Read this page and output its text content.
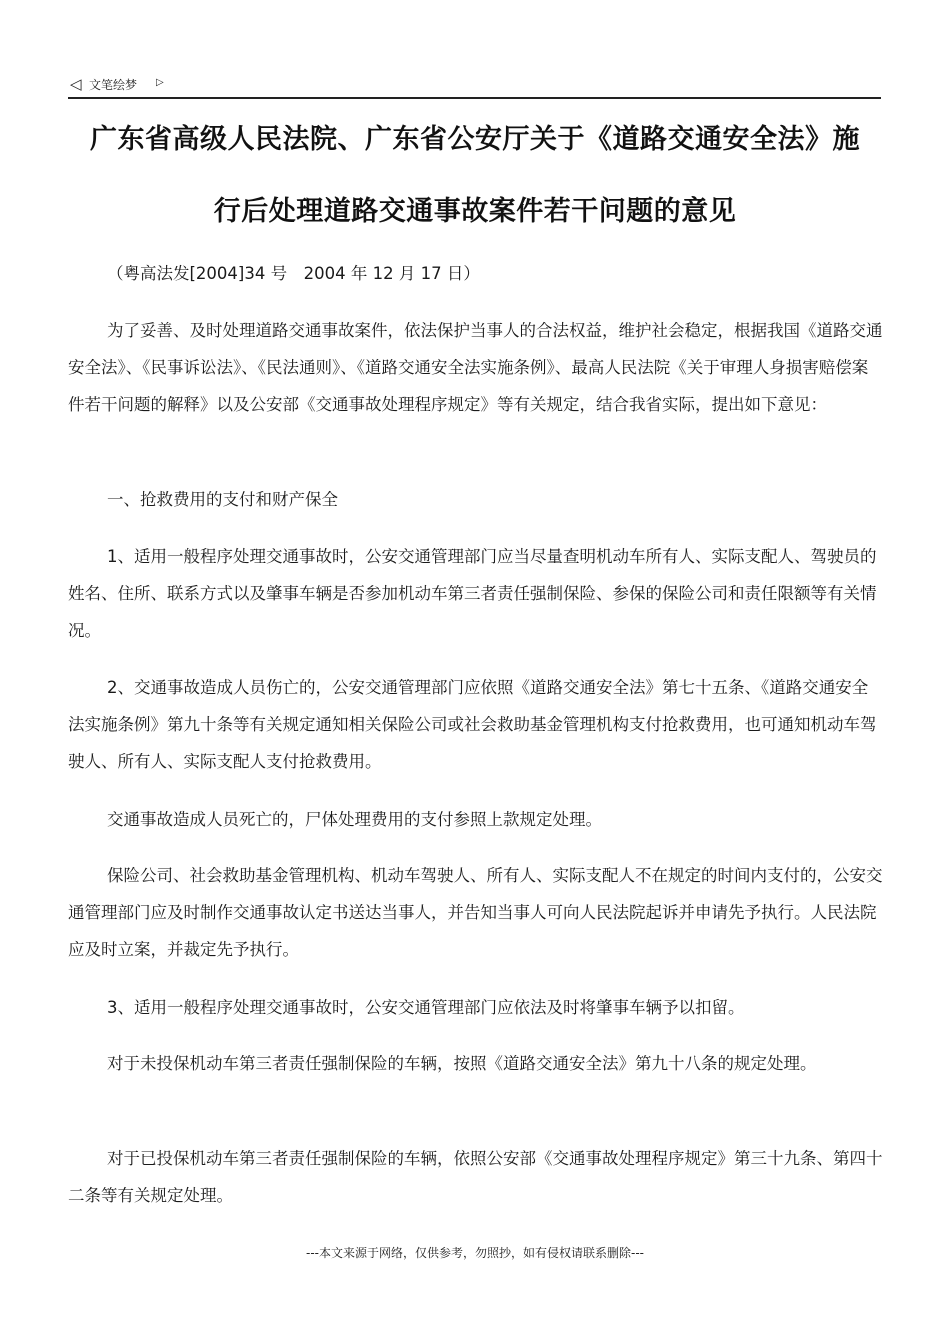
◁ 文笔绘梦 ▷
广东省高级人民法院、广东省公安厅关于《道路交通安全法》施
行后处理道路交通事故案件若干问题的意见

（粤高法发[2004]34 号　2004 年 12 月 17 日）

为了妥善、及时处理道路交通事故案件，依法保护当事人的合法权益，维护社会稳定，根据我国《道路交通安全法》、《民事诉讼法》、《民法通则》、《道路交通安全法实施条例》、最高人民法院《关于审理人身损害赔偿案件若干问题的解释》以及公安部《交通事故处理程序规定》等有关规定，结合我省实际，提出如下意见：

一、抢救费用的支付和财产保全

1、适用一般程序处理交通事故时，公安交通管理部门应当尽量查明机动车所有人、实际支配人、驾驶员的姓名、住所、联系方式以及肇事车辆是否参加机动车第三者责任强制保险、参保的保险公司和责任限额等有关情况。

2、交通事故造成人员伤亡的，公安交通管理部门应依照《道路交通安全法》第七十五条、《道路交通安全法实施条例》第九十条等有关规定通知相关保险公司或社会救助基金管理机构支付抢救费用，也可通知机动车驾驶人、所有人、实际支配人支付抢救费用。

交通事故造成人员死亡的，尸体处理费用的支付参照上款规定处理。

保险公司、社会救助基金管理机构、机动车驾驶人、所有人、实际支配人不在规定的时间内支付的，公安交通管理部门应及时制作交通事故认定书送达当事人，并告知当事人可向人民法院起诉并申请先予执行。人民法院应及时立案，并裁定先予执行。

3、适用一般程序处理交通事故时，公安交通管理部门应依法及时将肇事车辆予以扣留。

对于未投保机动车第三者责任强制保险的车辆，按照《道路交通安全法》第九十八条的规定处理。

对于已投保机动车第三者责任强制保险的车辆，依照公安部《交通事故处理程序规定》第三十九条、第四十二条等有关规定处理。

---本文来源于网络，仅供参考，勿照抄，如有侵权请联系删除---
